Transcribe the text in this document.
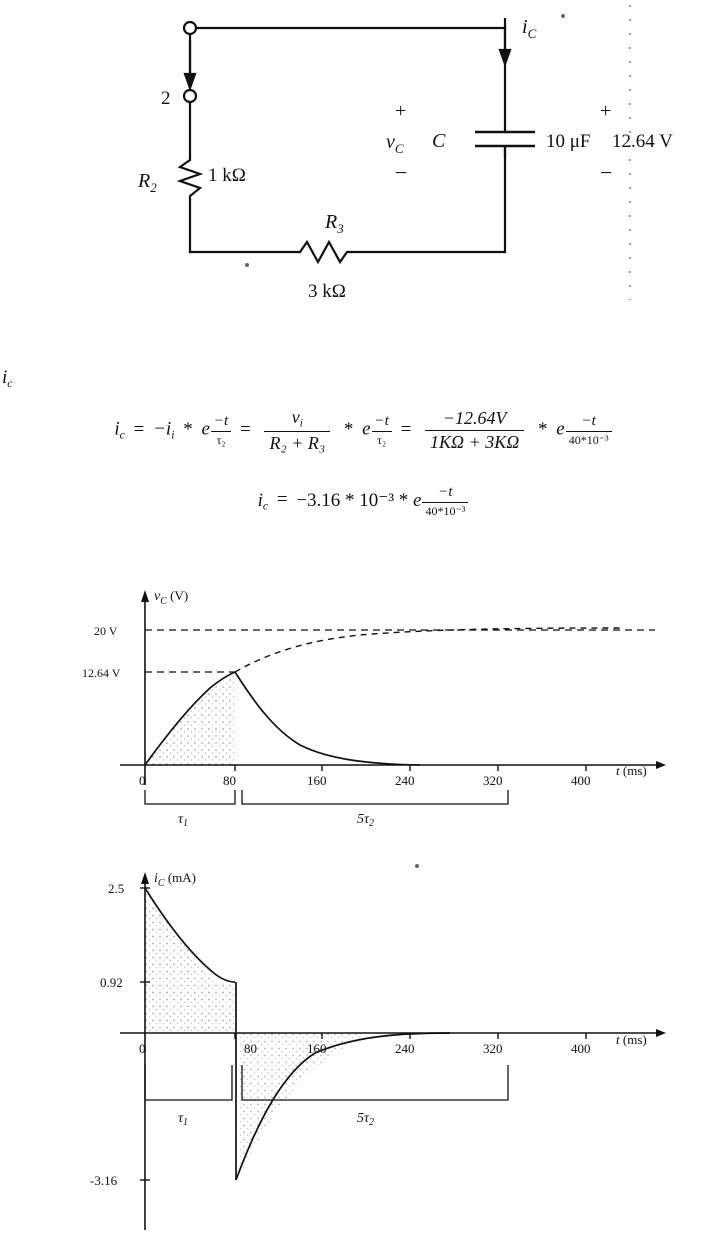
2
$i_C$
+
$v_C$
−
C	10 μF
+
−
12.64 V
$R_2$
1 kΩ
$R_3$
3 kΩ
$i_c$
$i_c = -i_i * e \frac{-t}{\text{τ₂}} = \frac{v_i}{\text{R₂ + R₃}} * e \frac{-t}{\text{τ₂}} = \frac{-12.64V}{1K\Omega + 3K\Omega} * e \frac{-t}{\text{40*10⁻³}}$
$i_c = -3.16 * 10^{-3} * e \frac{-t}{\text{40*10⁻³}}$
$v_C$ (V)
20 V
12.64 V
0	80	160	240	320	400
t (ms)
$\tau_1$	$5\tau_2$
$i_C$ (mA)
2.5
0.92
-3.16
0	80	160	240	320	400
t (ms)
$\tau_1$	$5\tau_2$
